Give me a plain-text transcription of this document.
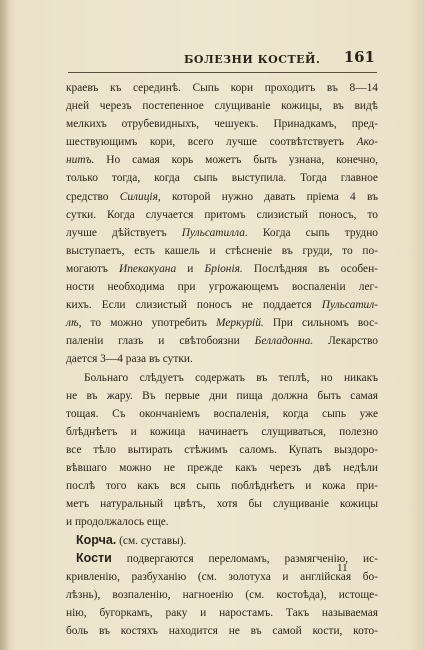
БОЛЕЗНИ КОСТЕЙ. 161
краевъ къ серединѣ. Сыпь кори проходитъ въ 8—14
дней черезъ постепенное слущиваніе кожицы, въ видѣ
мелкихъ отрубевидныхъ, чешуекъ. Принадкамъ, пред-
шествующимъ кори, всего лучше соотвѣтствуетъ Ако-
нитъ. Но самая корь можетъ быть узнана, конечно,
только тогда, когда сыпь выступила. Тогда главное
средство Силиція, которой нужно давать пріема 4 въ
сутки. Когда случается притомъ слизистый поносъ, то
лучше дѣйствуетъ Пульсатилла. Когда сыпь трудно
выступаетъ, есть кашель и стѣсненіе въ груди, то по-
могаютъ Ипекакуана и Бріонія. Послѣдняя въ особен-
ности необходима при угрожающемъ воспаленіи лег-
кихъ. Если слизистый поносъ не поддается Пульсатил-
лѣ, то можно употребить Меркурій. При сильномъ вос-
паленіи глазъ и свѣтобоязни Белладонна. Лекарство
дается 3—4 раза въ сутки.
Больнаго слѣдуетъ содержать въ теплѣ, но никакъ
не въ жару. Въ первые дни пища должна быть самая
тощая. Съ окончаніемъ воспаленія, когда сыпь уже
блѣднѣетъ и кожица начинаетъ слущиваться, полезно
все тѣло вытирать стѣжимъ саломъ. Купать выздоро-
вѣвшаго можно не прежде какъ черезъ двѣ недѣли
послѣ того какъ вся сыпь поблѣднѣетъ и кожа при-
метъ натуральный цвѣтъ, хотя бы слущиваніе кожицы
и продолжалось еще.
Корча. (см. суставы).
Кости подвергаются переломамъ, размягченію, ис-
кривленію, разбуханію (см. золотуха и англійская бо-
лѣзнь), возпаленію, нагноенію (см. костоѣда), истоще-
нію, бугоркамъ, раку и наростамъ. Такъ называемая
боль въ костяхъ находится не въ самой кости, кото-
11
